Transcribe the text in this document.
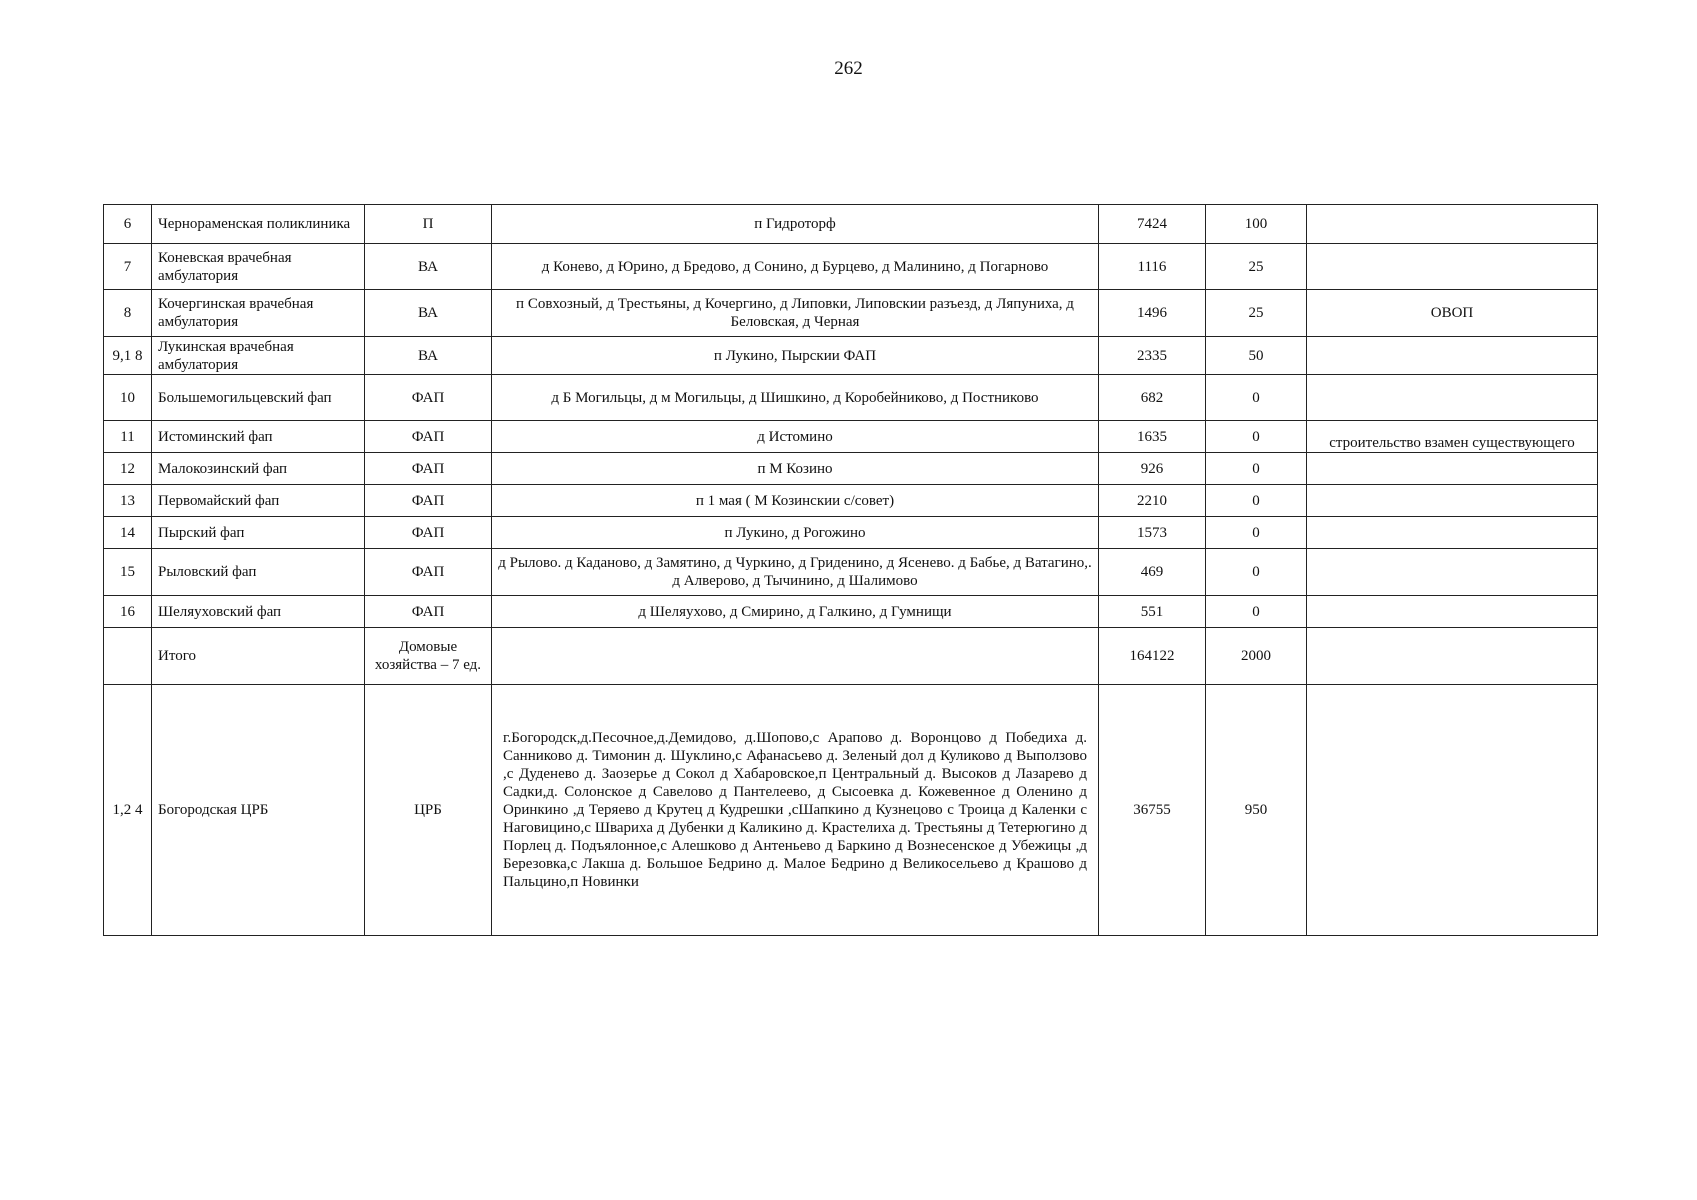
262
6	Чернораменская поликлиника	П	п Гидроторф	7424	100	
7	Коневская врачебная амбулатория	ВА	д Конево, д Юрино, д Бредово, д Сонино, д Бурцево, д Малинино, д Погарново	1116	25	
8	Кочергинская врачебная амбулатория	ВА	п Совхозный, д Трестьяны, д Кочергино, д Липовки, Липовскии разъезд, д Ляпуниха, д Беловская, д Черная	1496	25	ОВОП
9,1 8	Лукинская врачебная амбулатория	ВА	п Лукино, Пырскии ФАП	2335	50	
10	Большемогильцевский фап	ФАП	д Б Могильцы, д м Могильцы, д Шишкино, д Коробейниково, д Постниково	682	0	
11	Истоминский фап	ФАП	д Истомино	1635	0	строительство взамен существующего
12	Малокозинский фап	ФАП	п М Козино	926	0	
13	Первомайский фап	ФАП	п 1 мая ( М Козинскии с/совет)	2210	0	
14	Пырский фап	ФАП	п Лукино, д Рогожино	1573	0	
15	Рыловский фап	ФАП	д Рылово. д Каданово, д Замятино, д Чуркино, д Гриденино, д Ясенево. д Бабье, д Ватагино,. д Алверово, д Тычинино, д Шалимово	469	0	
16	Шеляуховский фап	ФАП	д Шеляухово, д Смирино, д Галкино, д Гумнищи	551	0	
	Итого	Домовые хозяйства – 7 ед.		164122	2000	
1,2 4	Богородская ЦРБ	ЦРБ	г.Богородск,д.Песочное,д.Демидово, д.Шопово,с Арапово д. Воронцово д Победиха д. Санниково д. Тимонин д. Шуклино,с Афанасьево д. Зеленый дол д Куликово д Выползово ,с Дуденево д. Заозерье д Сокол д Хабаровское,п Центральный д. Высоков д Лазарево д Садки,д. Солонское д Савелово д Пантелеево, д Сысоевка д. Кожевенное д Оленино д Оринкино ,д Теряево д Крутец д Кудрешки ,сШапкино д Кузнецово с Троица д Каленки с Наговицино,с Швариха д Дубенки д Каликино д. Крастелиха д. Трестьяны д Тетерюгино д Порлец д. Подъялонное,с Алешково д Антеньево д Баркино д Вознесенское д Убежицы ,д Березовка,с Лакша д. Большое Бедрино д. Малое Бедрино д Великосельево д Крашово д Пальцино,п Новинки	36755	950	
